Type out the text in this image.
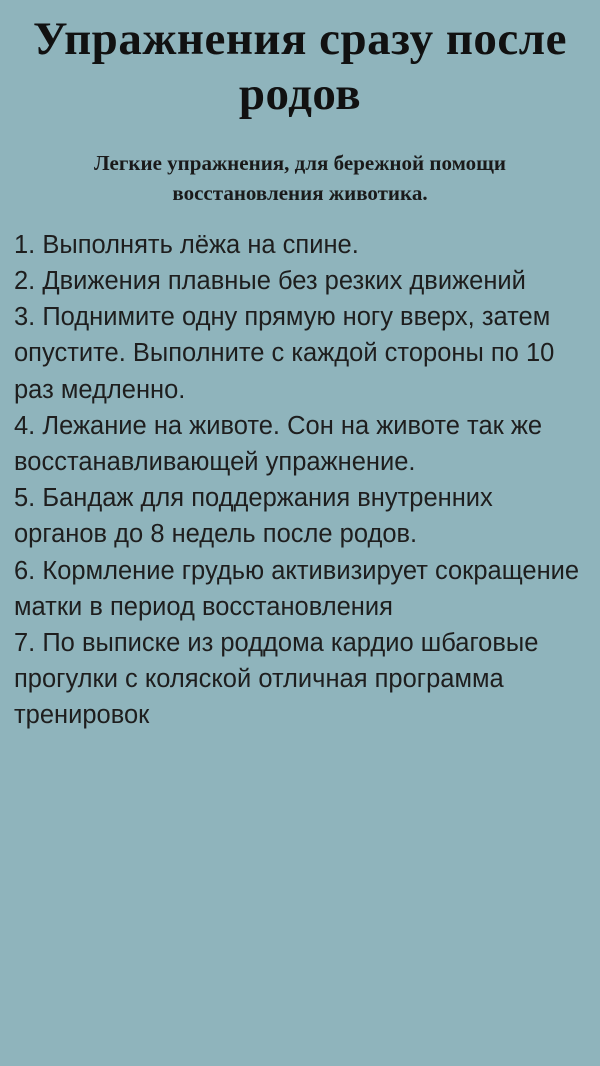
Упражнения сразу после родов

Легкие упражнения, для бережной помощи восстановления животика.

1. Выполнять лёжа на спине.

2. Движения плавные без резких движений

3. Поднимите одну прямую ногу вверх, затем опустите. Выполните с каждой стороны по 10 раз медленно.

4. Лежание на животе. Сон на животе так же восстанавливающей упражнение.

5. Бандаж для поддержания внутренних органов до 8 недель после родов.

6. Кормление грудью активизирует сокращение матки в период восстановления

7. По выписке из роддома кардио шбаговые прогулки с коляской отличная программа тренировок
